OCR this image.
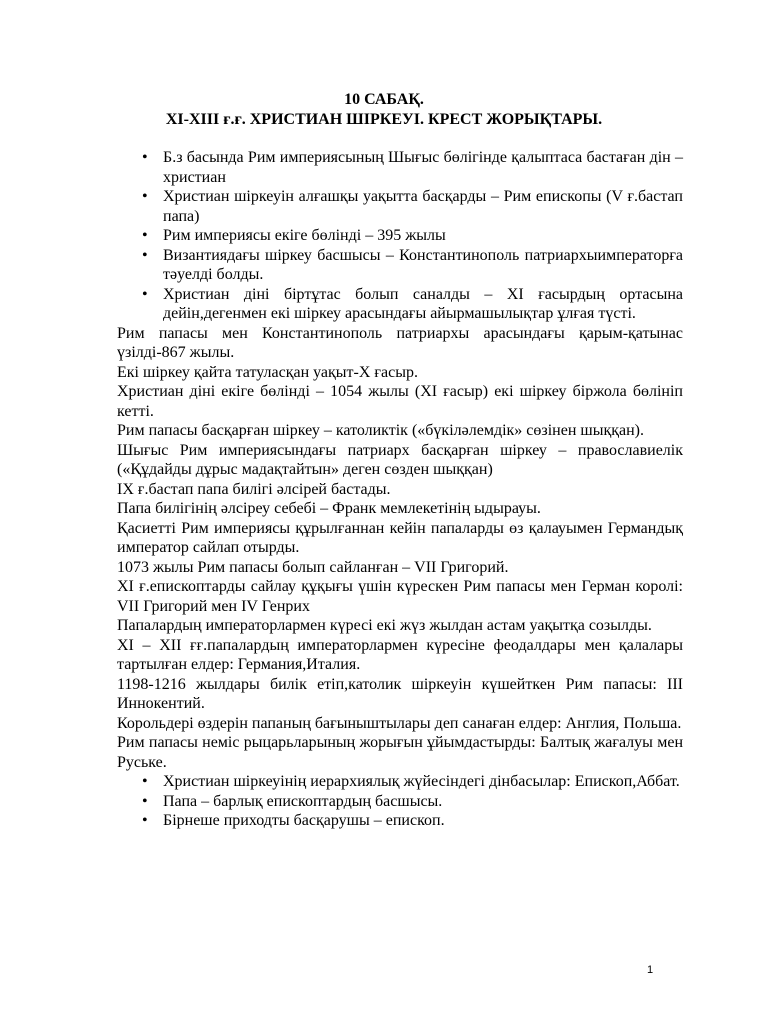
10 САБАҚ.
XI-XIII ғ.ғ. ХРИСТИАН ШІРКЕУІ. КРЕСТ ЖОРЫҚТАРЫ.
• Б.з басында Рим империясының Шығыс бөлігінде қалыптаса бастаған дін – христиан
• Христиан шіркеуін алғашқы уақытта басқарды – Рим епископы (V ғ.бастап папа)
• Рим империясы екіге бөлінді – 395 жылы
• Византиядағы шіркеу басшысы – Константинополь патриархыимператорға тәуелді болды.
• Христиан діні біртұтас болып саналды – XI ғасырдың ортасына дейін,дегенмен екі шіркеу арасындағы айырмашылықтар ұлғая түсті.

Рим папасы мен Константинополь патриархы арасындағы қарым-қатынас үзілді-867 жылы.

Екі шіркеу қайта татуласқан уақыт-X ғасыр.

Христиан діні екіге бөлінді – 1054 жылы (XI ғасыр) екі шіркеу біржола бөлініп кетті.

Рим папасы басқарған шіркеу – католиктік («бүкіләлемдік» сөзінен шыққан).

Шығыс Рим империясындағы патриарх басқарған шіркеу – православиелік («Құдайды дұрыс мадақтайтын» деген сөзден шыққан)

IX ғ.бастап папа билігі әлсірей бастады.

Папа билігінің әлсіреу себебі – Франк мемлекетінің ыдырауы.

Қасиетті Рим империясы құрылғаннан кейін папаларды өз қалауымен Германдық император сайлап отырды.

1073 жылы Рим папасы болып сайланған – VII Григорий.

XI ғ.епископтарды сайлау құқығы үшін күрескен Рим папасы мен Герман королі: VII Григорий мен IV Генрих

Папалардың императорлармен күресі екі жүз жылдан астам уақытқа созылды.

XI – XII ғғ.папалардың императорлармен күресіне феодалдары мен қалалары тартылған елдер: Германия,Италия.

1198-1216 жылдары билік етіп,католик шіркеуін күшейткен Рим папасы: III Иннокентий.

Корольдері өздерін папаның бағыныштылары деп санаған елдер: Англия, Польша.

Рим папасы неміс рыцарьларының жорығын ұйымдастырды: Балтық жағалуы мен Руське.

• Христиан шіркеуінің иерархиялық жүйесіндегі дінбасылар: Епископ,Аббат.
• Папа – барлық епископтардың басшысы.
• Бірнеше приходты басқарушы – епископ.
1
